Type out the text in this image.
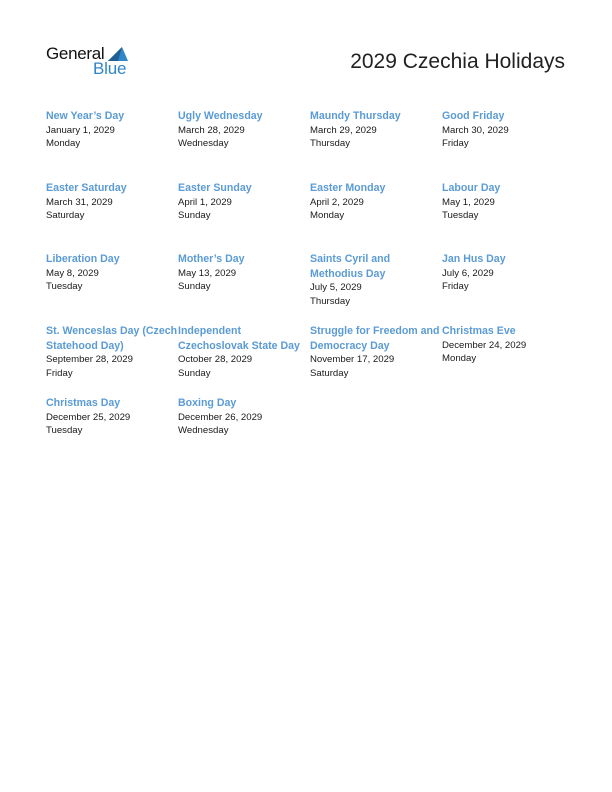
General
Blue	2029 Czechia Holidays
New Year’s Day
January 1, 2029
Monday
Ugly Wednesday
March 28, 2029
Wednesday
Maundy Thursday
March 29, 2029
Thursday
Good Friday
March 30, 2029
Friday
Easter Saturday
March 31, 2029
Saturday
Easter Sunday
April 1, 2029
Sunday
Easter Monday
April 2, 2029
Monday
Labour Day
May 1, 2029
Tuesday
Liberation Day
May 8, 2029
Tuesday
Mother’s Day
May 13, 2029
Sunday
Saints Cyril and Methodius Day
July 5, 2029
Thursday
Jan Hus Day
July 6, 2029
Friday
St. Wenceslas Day (Czech Statehood Day)
September 28, 2029
Friday
Independent Czechoslovak State Day
October 28, 2029
Sunday
Struggle for Freedom and Democracy Day
November 17, 2029
Saturday
Christmas Eve
December 24, 2029
Monday
Christmas Day
December 25, 2029
Tuesday
Boxing Day
December 26, 2029
Wednesday
